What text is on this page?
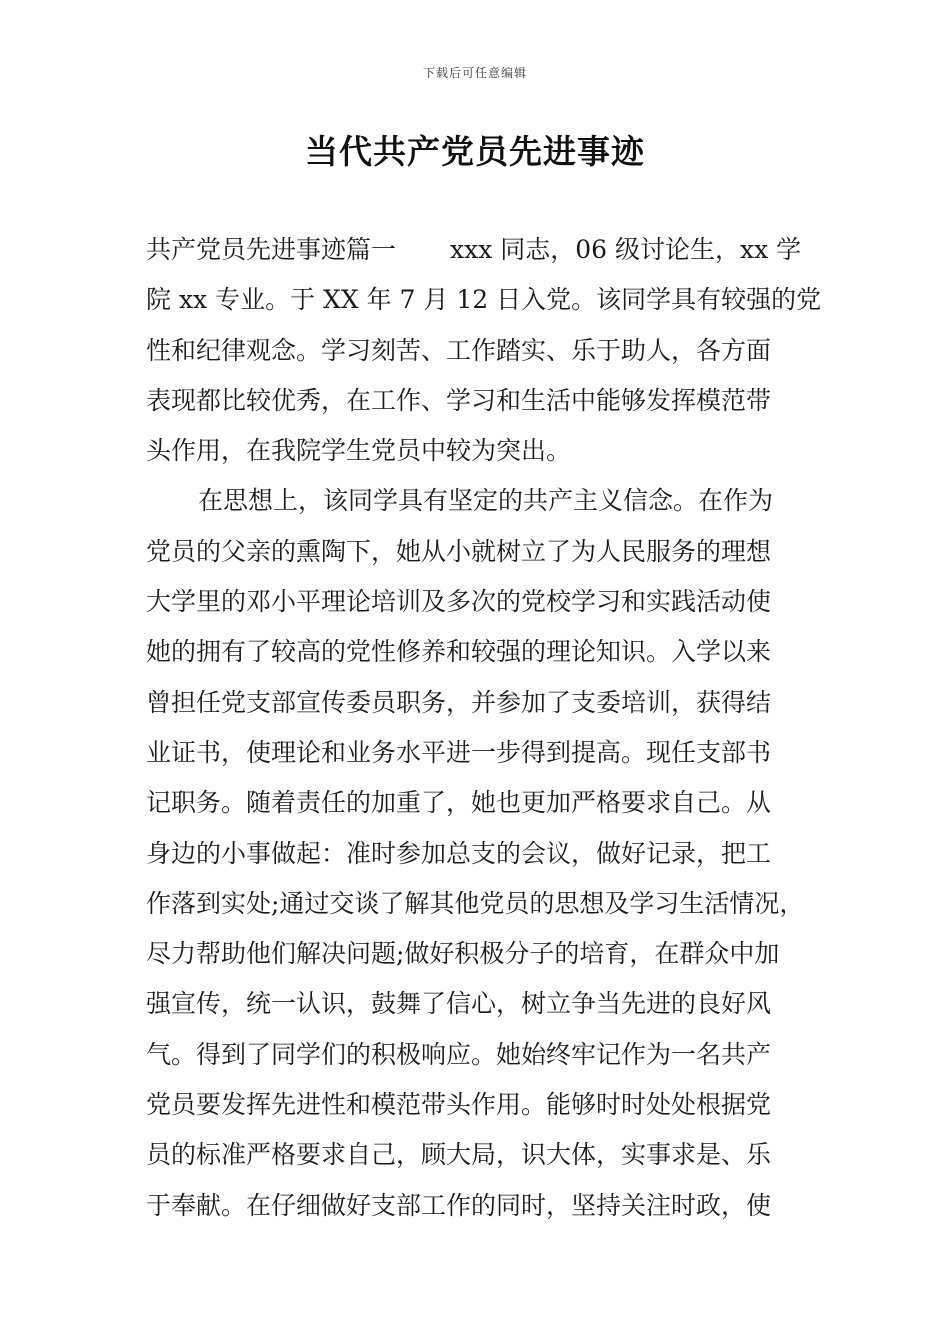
下载后可任意编辑
当代共产党员先进事迹
共产党员先进事迹篇一 xxx 同志，06 级讨论生，xx 学
院 xx 专业。于 XX 年 7 月 12 日入党。该同学具有较强的党
性和纪律观念。学习刻苦、工作踏实、乐于助人，各方面
表现都比较优秀，在工作、学习和生活中能够发挥模范带
头作用，在我院学生党员中较为突出。
在思想上，该同学具有坚定的共产主义信念。在作为
党员的父亲的熏陶下，她从小就树立了为人民服务的理想
大学里的邓小平理论培训及多次的党校学习和实践活动使
她的拥有了较高的党性修养和较强的理论知识。入学以来
曾担任党支部宣传委员职务，并参加了支委培训，获得结
业证书，使理论和业务水平进一步得到提高。现任支部书
记职务。随着责任的加重了，她也更加严格要求自己。从
身边的小事做起：准时参加总支的会议，做好记录，把工
作落到实处;通过交谈了解其他党员的思想及学习生活情况，
尽力帮助他们解决问题;做好积极分子的培育，在群众中加
强宣传，统一认识，鼓舞了信心，树立争当先进的良好风
气。得到了同学们的积极响应。她始终牢记作为一名共产
党员要发挥先进性和模范带头作用。能够时时处处根据党
员的标准严格要求自己，顾大局，识大体，实事求是、乐
于奉献。在仔细做好支部工作的同时，坚持关注时政，使
